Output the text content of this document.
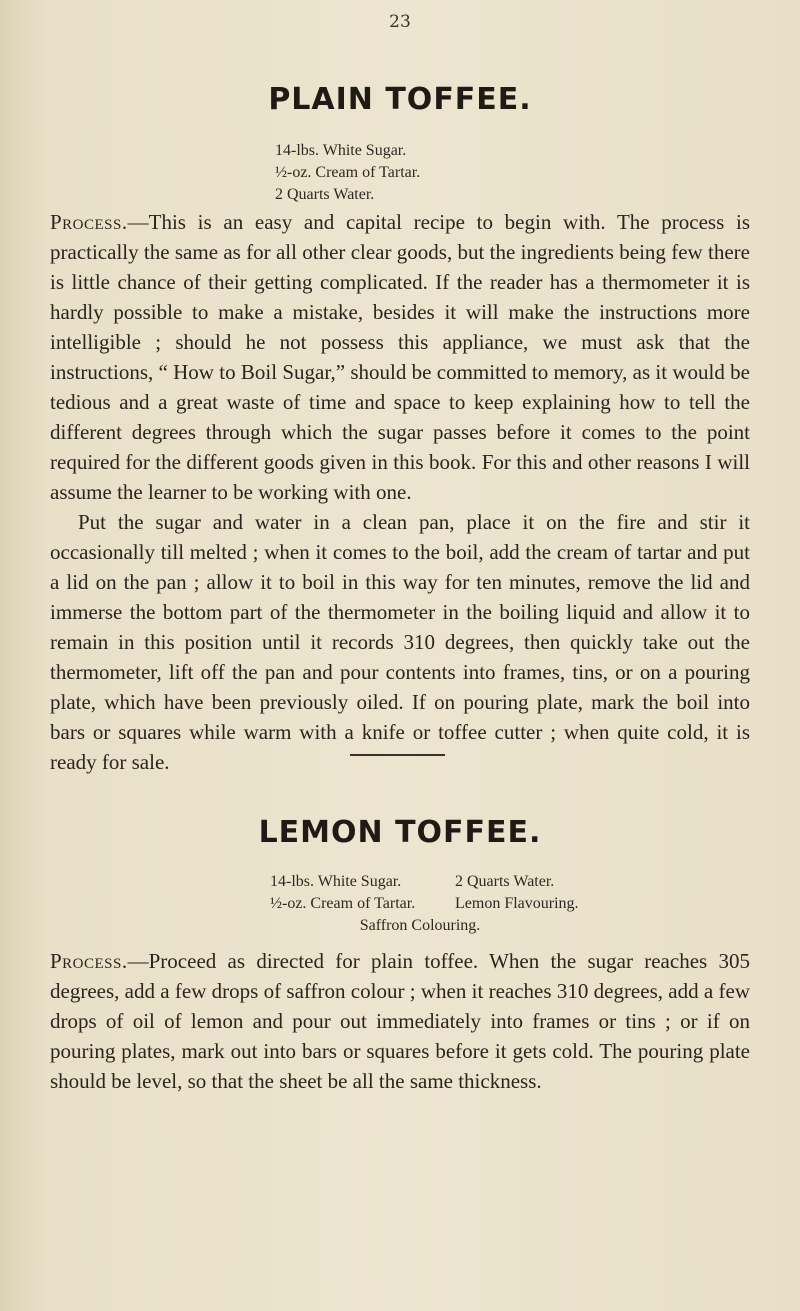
23
PLAIN TOFFEE.
14-lbs. White Sugar.
½-oz. Cream of Tartar.
2 Quarts Water.

Process.—This is an easy and capital recipe to begin with. The process is practically the same as for all other clear goods, but the ingredients being few there is little chance of their getting complicated. If the reader has a thermometer it is hardly possible to make a mistake, besides it will make the instructions more intelligible ; should he not possess this appliance, we must ask that the instructions, “ How to Boil Sugar,” should be committed to memory, as it would be tedious and a great waste of time and space to keep explaining how to tell the different degrees through which the sugar passes before it comes to the point required for the different goods given in this book. For this and other reasons I will assume the learner to be working with one.

Put the sugar and water in a clean pan, place it on the fire and stir it occasionally till melted ; when it comes to the boil, add the cream of tartar and put a lid on the pan ; allow it to boil in this way for ten minutes, remove the lid and immerse the bottom part of the thermometer in the boiling liquid and allow it to remain in this position until it records 310 degrees, then quickly take out the thermometer, lift off the pan and pour contents into frames, tins, or on a pouring plate, which have been previously oiled. If on pouring plate, mark the boil into bars or squares while warm with a knife or toffee cutter ; when quite cold, it is ready for sale.

LEMON TOFFEE.
14-lbs. White Sugar.	2 Quarts Water.
½-oz. Cream of Tartar. Lemon Flavouring.
Saffron Colouring.

Process.—Proceed as directed for plain toffee. When the sugar reaches 305 degrees, add a few drops of saffron colour ; when it reaches 310 degrees, add a few drops of oil of lemon and pour out immediately into frames or tins ; or if on pouring plates, mark out into bars or squares before it gets cold. The pouring plate should be level, so that the sheet be all the same thickness.
